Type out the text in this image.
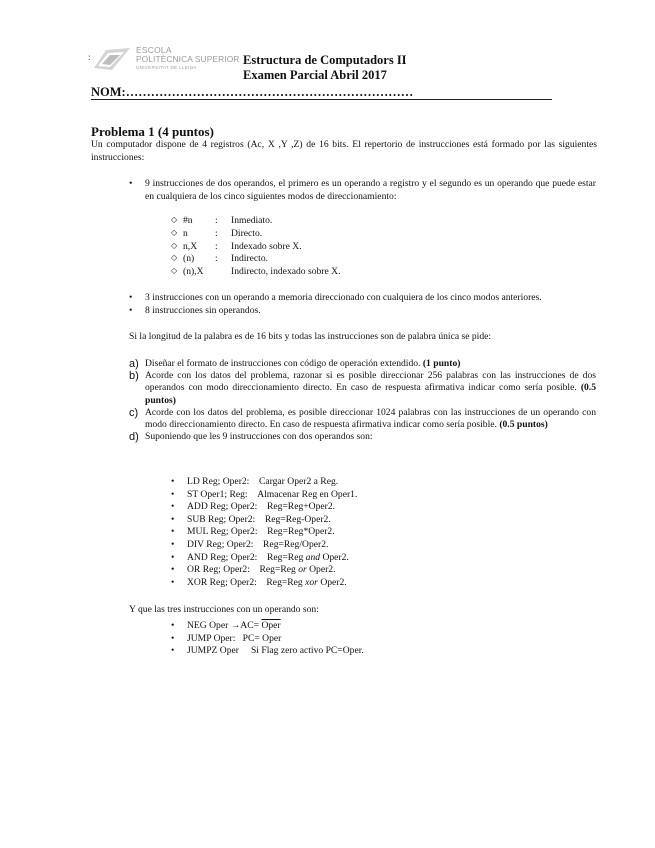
:
ESCOLA
POLITÈCNICA SUPERIOR
UNIVERSITAT DE LLEIDA
Estructura de Computadors II
Examen Parcial Abril 2017
NOM:……………………………………………………………
Problema 1 (4 puntos)
Un computador dispone de 4 registros (Ac, X ,Y ,Z) de 16 bits. El repertorio de instrucciones está formado por las siguientes instrucciones:
• 9 instrucciones de dos operandos, el primero es un operando a registro y el segundo es un operando que puede estar en cualquiera de los cinco siguientes modos de direccionamiento:
◇ #n : Inmediato.
◇ n	: Directo.
◇ n,X : Indexado sobre X.
◇ (n) : Indirecto.
◇ (n),X	Indirecto, indexado sobre X.
• 3 instrucciones con un operando a memoria direccionado con cualquiera de los cinco modos anteriores.
• 8 instrucciones sin operandos.
Si la longitud de la palabra es de 16 bits y todas las instrucciones son de palabra única se pide:
a) Diseñar el formato de instrucciones con código de operación extendido. (1 punto)
b) Acorde con los datos del problema, razonar si es posible direccionar 256 palabras con las instrucciones de dos operandos con modo direccionamiento directo. En caso de respuesta afirmativa indicar como sería posible. (0.5 puntos)
c) Acorde con los datos del problema, es posible direccionar 1024 palabras con las instrucciones de un operando con modo direccionamiento directo. En caso de respuesta afirmativa indicar como sería posible. (0.5 puntos)
d) Suponiendo que les 9 instrucciones con dos operandos son:
• LD Reg; Oper2: Cargar Oper2 a Reg.
• ST Oper1; Reg: Almacenar Reg en Oper1.
• ADD Reg; Oper2: Reg=Reg+Oper2.
• SUB Reg; Oper2: Reg=Reg-Oper2.
• MUL Reg; Oper2: Reg=Reg*Oper2.
• DIV Reg; Oper2: Reg=Reg/Oper2.
• AND Reg; Oper2: Reg=Reg and Oper2.
• OR Reg; Oper2: Reg=Reg or Oper2.
• XOR Reg; Oper2: Reg=Reg xor Oper2.
Y que las tres instrucciones con un operando son:
• NEG Oper →AC= Oper
• JUMP Oper: PC= Oper
• JUMPZ Oper Si Flag zero activo PC=Oper.
